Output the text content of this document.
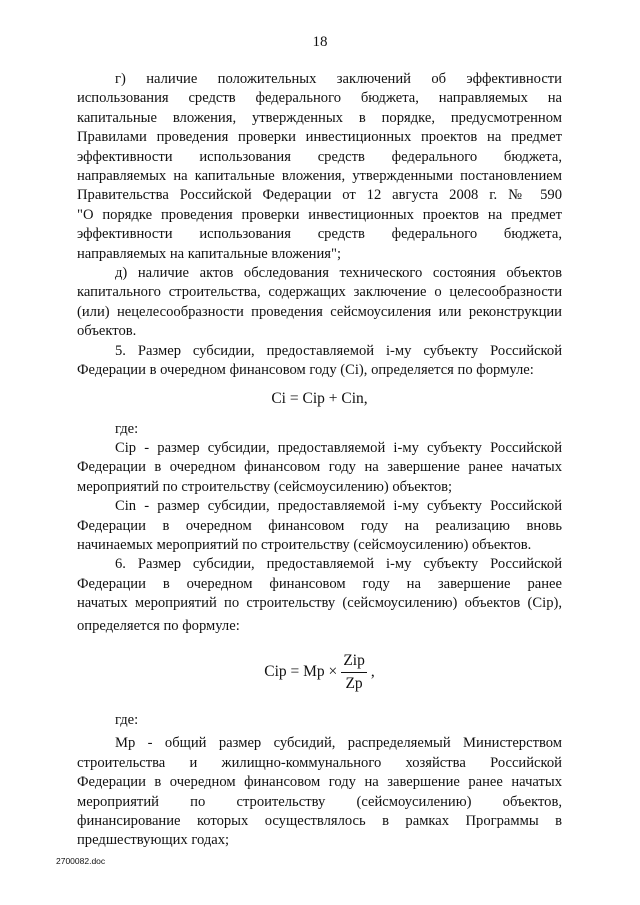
18

г) наличие положительных заключений об эффективности

использования средств федерального бюджета, направляемых на

капитальные вложения, утвержденных в порядке, предусмотренном

Правилами проведения проверки инвестиционных проектов на предмет

эффективности использования средств федерального бюджета,

направляемых на капитальные вложения, утвержденными постановлением

Правительства Российской Федерации от 12 августа 2008 г. № 590

"О порядке проведения проверки инвестиционных проектов на предмет

эффективности использования средств федерального бюджета,

направляемых на капитальные вложения";

д) наличие актов обследования технического состояния объектов

капитального строительства, содержащих заключение о целесообразности

(или) нецелесообразности проведения сейсмоусиления или реконструкции

объектов.

5. Размер субсидии, предоставляемой i-му субъекту Российской

Федерации в очередном финансовом году (Ci), определяется по формуле:

Ci = Cip + Cin,

где:

Cip - размер субсидии, предоставляемой i-му субъекту Российской

Федерации в очередном финансовом году на завершение ранее начатых

мероприятий по строительству (сейсмоусилению) объектов;

Cin - размер субсидии, предоставляемой i-му субъекту Российской

Федерации в очередном финансовом году на реализацию вновь

начинаемых мероприятий по строительству (сейсмоусилению) объектов.

6. Размер субсидии, предоставляемой i-му субъекту Российской

Федерации в очередном финансовом году на завершение ранее

начатых мероприятий по строительству (сейсмоусилению) объектов (Cip),

определяется по формуле:

Cip = $Mp \times \frac{\text{Zip}}{Zp}$ ,

где:

Mp - общий размер субсидий, распределяемый Министерством

строительства и жилищно-коммунального хозяйства Российской

Федерации в очередном финансовом году на завершение ранее начатых

мероприятий по строительству (сейсмоусилению) объектов,

финансирование которых осуществлялось в рамках Программы в

предшествующих годах;

2700082.doc
